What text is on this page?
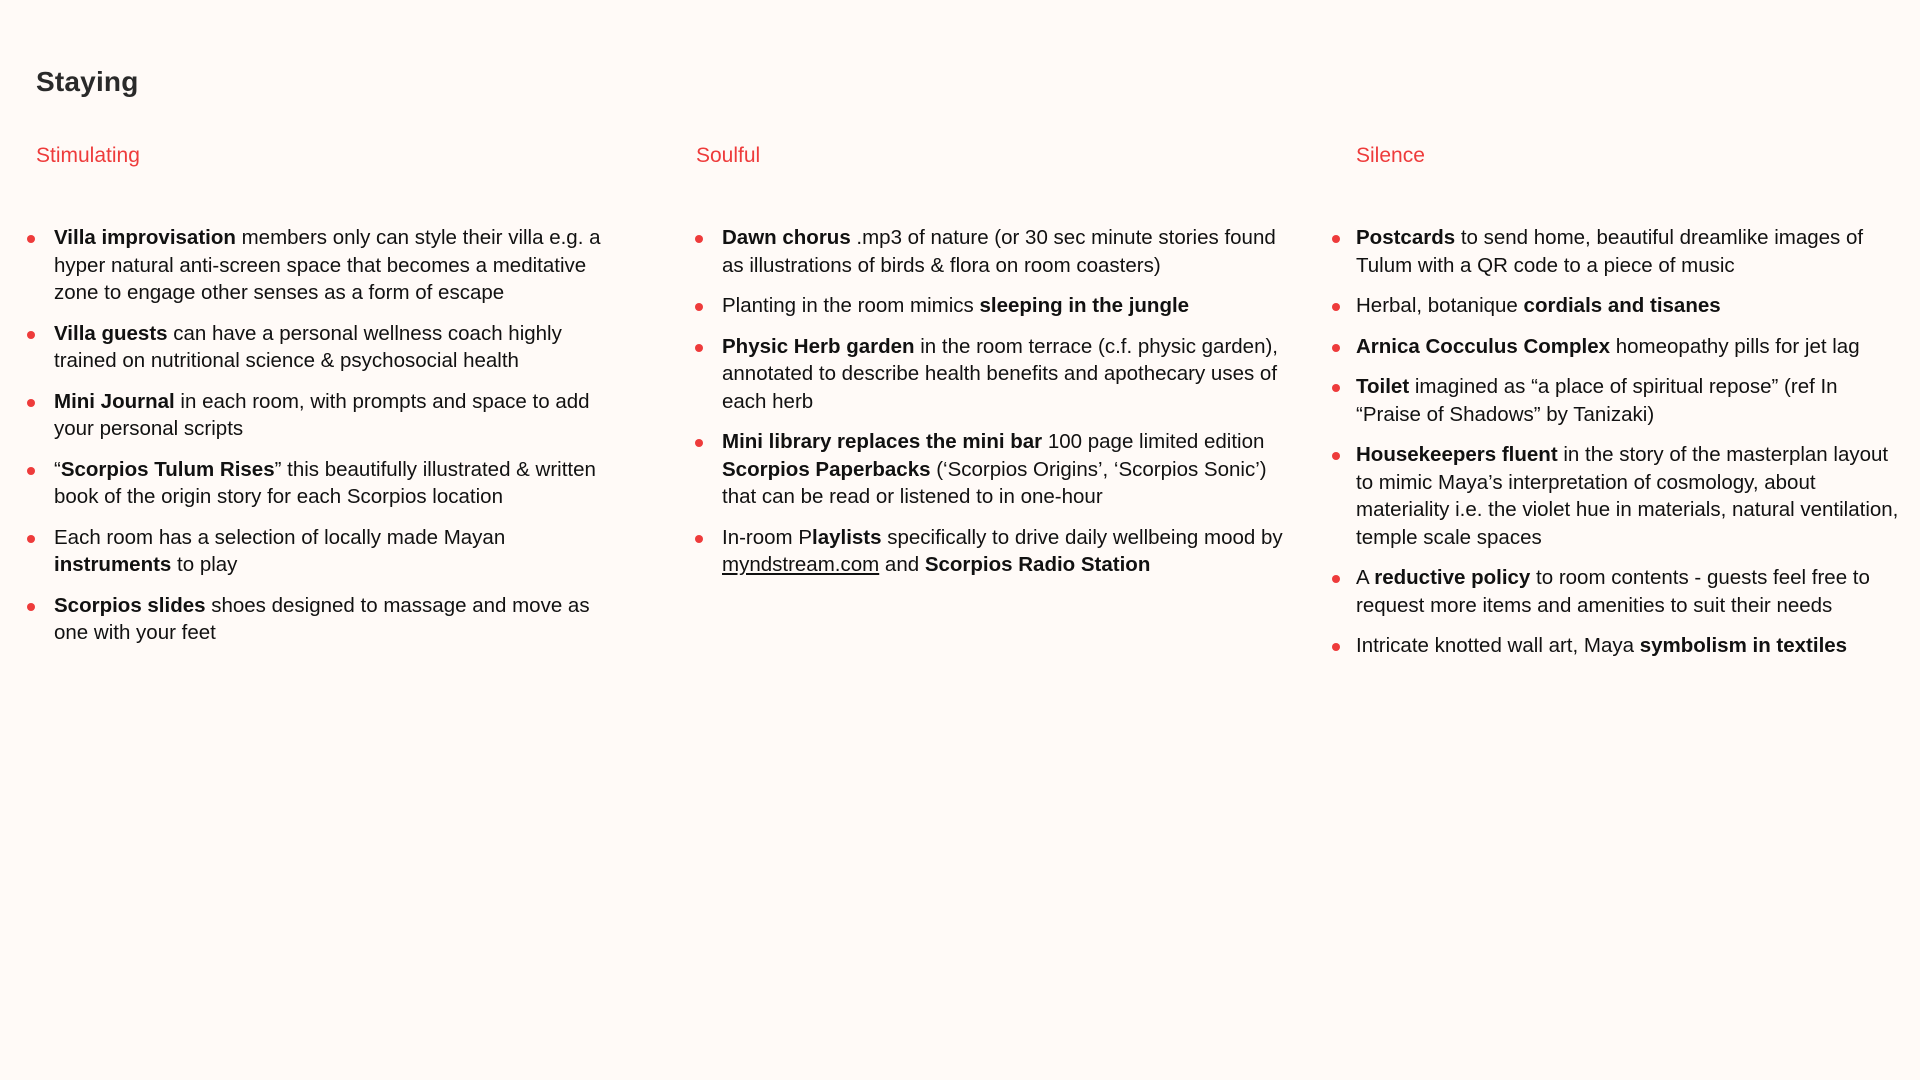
Staying
Stimulating
Villa improvisation members only can style their villa e.g. a hyper natural anti-screen space that becomes a meditative zone to engage other senses as a form of escape
Villa guests can have a personal wellness coach highly trained on nutritional science & psychosocial health
Mini Journal in each room, with prompts and space to add your personal scripts
“Scorpios Tulum Rises” this beautifully illustrated & written book of the origin story for each Scorpios location
Each room has a selection of locally made Mayan instruments to play
Scorpios slides shoes designed to massage and move as one with your feet
Soulful
Dawn chorus .mp3 of nature (or 30 sec minute stories found as illustrations of birds & flora on room coasters)
Planting in the room mimics sleeping in the jungle
Physic Herb garden in the room terrace (c.f. physic garden), annotated to describe health benefits and apothecary uses of each herb
Mini library replaces the mini bar 100 page limited edition Scorpios Paperbacks (‘Scorpios Origins’, ‘Scorpios Sonic’) that can be read or listened to in one-hour
In-room Playlists specifically to drive daily wellbeing mood by myndstream.com and Scorpios Radio Station
Silence
Postcards to send home, beautiful dreamlike images of Tulum with a QR code to a piece of music
Herbal, botanique cordials and tisanes
Arnica Cocculus Complex homeopathy pills for jet lag
Toilet imagined as “a place of spiritual repose” (ref In “Praise of Shadows” by Tanizaki)
Housekeepers fluent in the story of the masterplan layout to mimic Maya’s interpretation of cosmology, about materiality i.e. the violet hue in materials, natural ventilation, temple scale spaces
A reductive policy to room contents - guests feel free to request more items and amenities to suit their needs
Intricate knotted wall art, Maya symbolism in textiles
